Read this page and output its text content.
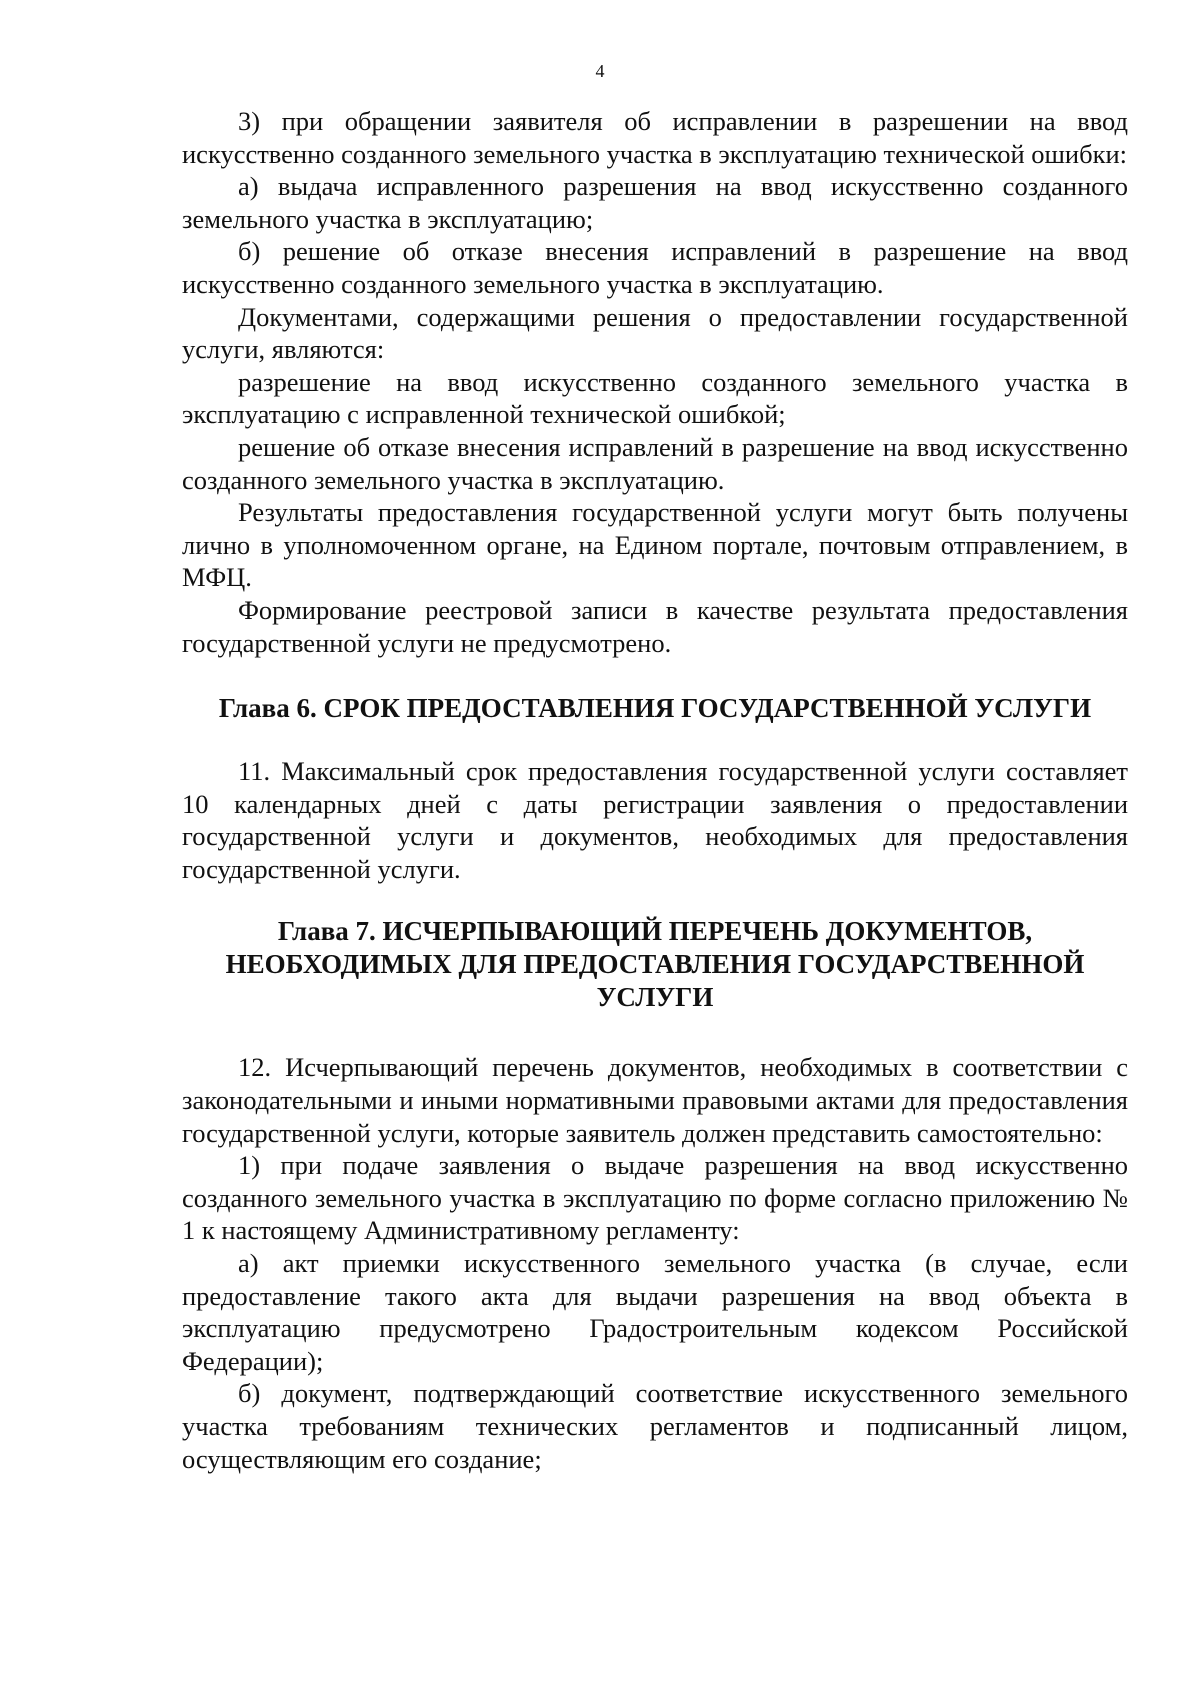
4

3) при обращении заявителя об исправлении в разрешении на ввод искусственно созданного земельного участка в эксплуатацию технической ошибки:

а) выдача исправленного разрешения на ввод искусственно созданного земельного участка в эксплуатацию;

б) решение об отказе внесения исправлений в разрешение на ввод искусственно созданного земельного участка в эксплуатацию.

Документами, содержащими решения о предоставлении государственной услуги, являются:

разрешение на ввод искусственно созданного земельного участка в эксплуатацию с исправленной технической ошибкой;

решение об отказе внесения исправлений в разрешение на ввод искусственно созданного земельного участка в эксплуатацию.

Результаты предоставления государственной услуги могут быть получены лично в уполномоченном органе, на Едином портале, почтовым отправлением, в МФЦ.

Формирование реестровой записи в качестве результата предоставления государственной услуги не предусмотрено.

Глава 6. СРОК ПРЕДОСТАВЛЕНИЯ ГОСУДАРСТВЕННОЙ УСЛУГИ

11. Максимальный срок предоставления государственной услуги составляет 10 календарных дней с даты регистрации заявления о предоставлении государственной услуги и документов, необходимых для предоставления государственной услуги.

Глава 7. ИСЧЕРПЫВАЮЩИЙ ПЕРЕЧЕНЬ ДОКУМЕНТОВ,
НЕОБХОДИМЫХ ДЛЯ ПРЕДОСТАВЛЕНИЯ ГОСУДАРСТВЕННОЙ
УСЛУГИ

12. Исчерпывающий перечень документов, необходимых в соответствии с законодательными и иными нормативными правовыми актами для предоставления государственной услуги, которые заявитель должен представить самостоятельно:

1) при подаче заявления о выдаче разрешения на ввод искусственно созданного земельного участка в эксплуатацию по форме согласно приложению № 1 к настоящему Административному регламенту:

а) акт приемки искусственного земельного участка (в случае, если предоставление такого акта для выдачи разрешения на ввод объекта в эксплуатацию предусмотрено Градостроительным кодексом Российской Федерации);

б) документ, подтверждающий соответствие искусственного земельного участка требованиям технических регламентов и подписанный лицом, осуществляющим его создание;
